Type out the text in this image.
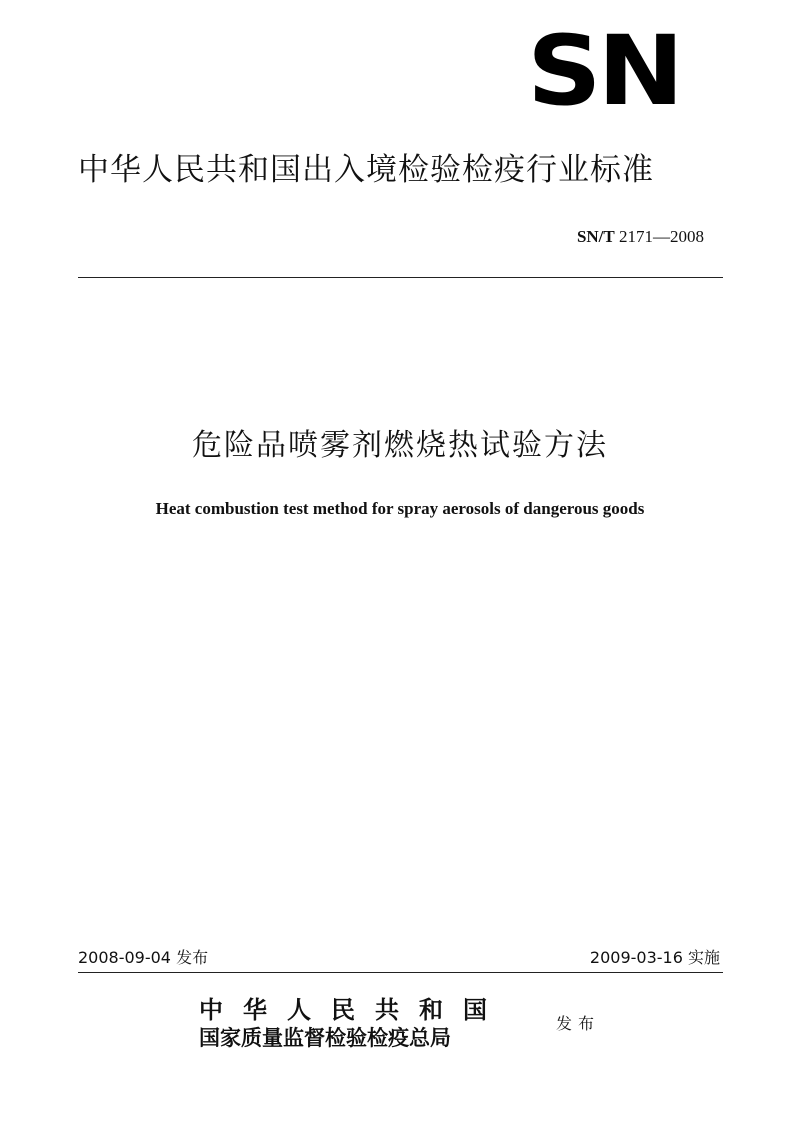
SN
中华人民共和国出入境检验检疫行业标准
SN/T 2171—2008
危险品喷雾剂燃烧热试验方法
Heat combustion test method for spray aerosols of dangerous goods
2008-09-04 发布	2009-03-16 实施
中华人民共和国
国家质量监督检验检疫总局
发布
